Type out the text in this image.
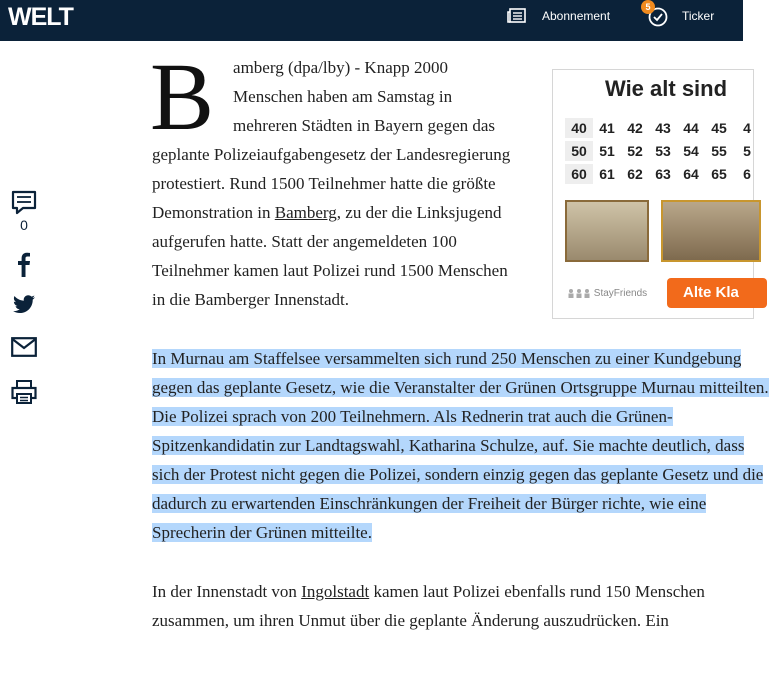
WELT	Abonnement
5
Ticker
0

B amberg (dpa/lby) - Knapp 2000 Menschen haben am Samstag in mehreren Städten in Bayern gegen das geplante Polizeiaufgabengesetz der Landesregierung protestiert. Rund 1500 Teilnehmer hatte die größte Demonstration in Bamberg, zu der die Linksjugend aufgerufen hatte. Statt der angemeldeten 100 Teilnehmer kamen laut Polizei rund 1500 Menschen in die Bamberger Innenstadt.

In Murnau am Staffelsee versammelten sich rund 250 Menschen zu einer Kundgebung gegen das geplante Gesetz, wie die Veranstalter der Grünen Ortsgruppe Murnau mitteilten. Die Polizei sprach von 200 Teilnehmern. Als Rednerin trat auch die Grünen-Spitzenkandidatin zur Landtagswahl, Katharina Schulze, auf. Sie machte deutlich, dass sich der Protest nicht gegen die Polizei, sondern einzig gegen das geplante Gesetz und die dadurch zu erwartenden Einschränkungen der Freiheit der Bürger richte, wie eine Sprecherin der Grünen mitteilte.

In der Innenstadt von Ingolstadt kamen laut Polizei ebenfalls rund 150 Menschen zusammen, um ihren Unmut über die geplante Änderung auszudrücken. Ein

Wie alt sind
40 41 42 43 44 45	4
50 51 52 53 54 55	5
60 61 62 63 64 65	6
StayFriends	Alte Kla
